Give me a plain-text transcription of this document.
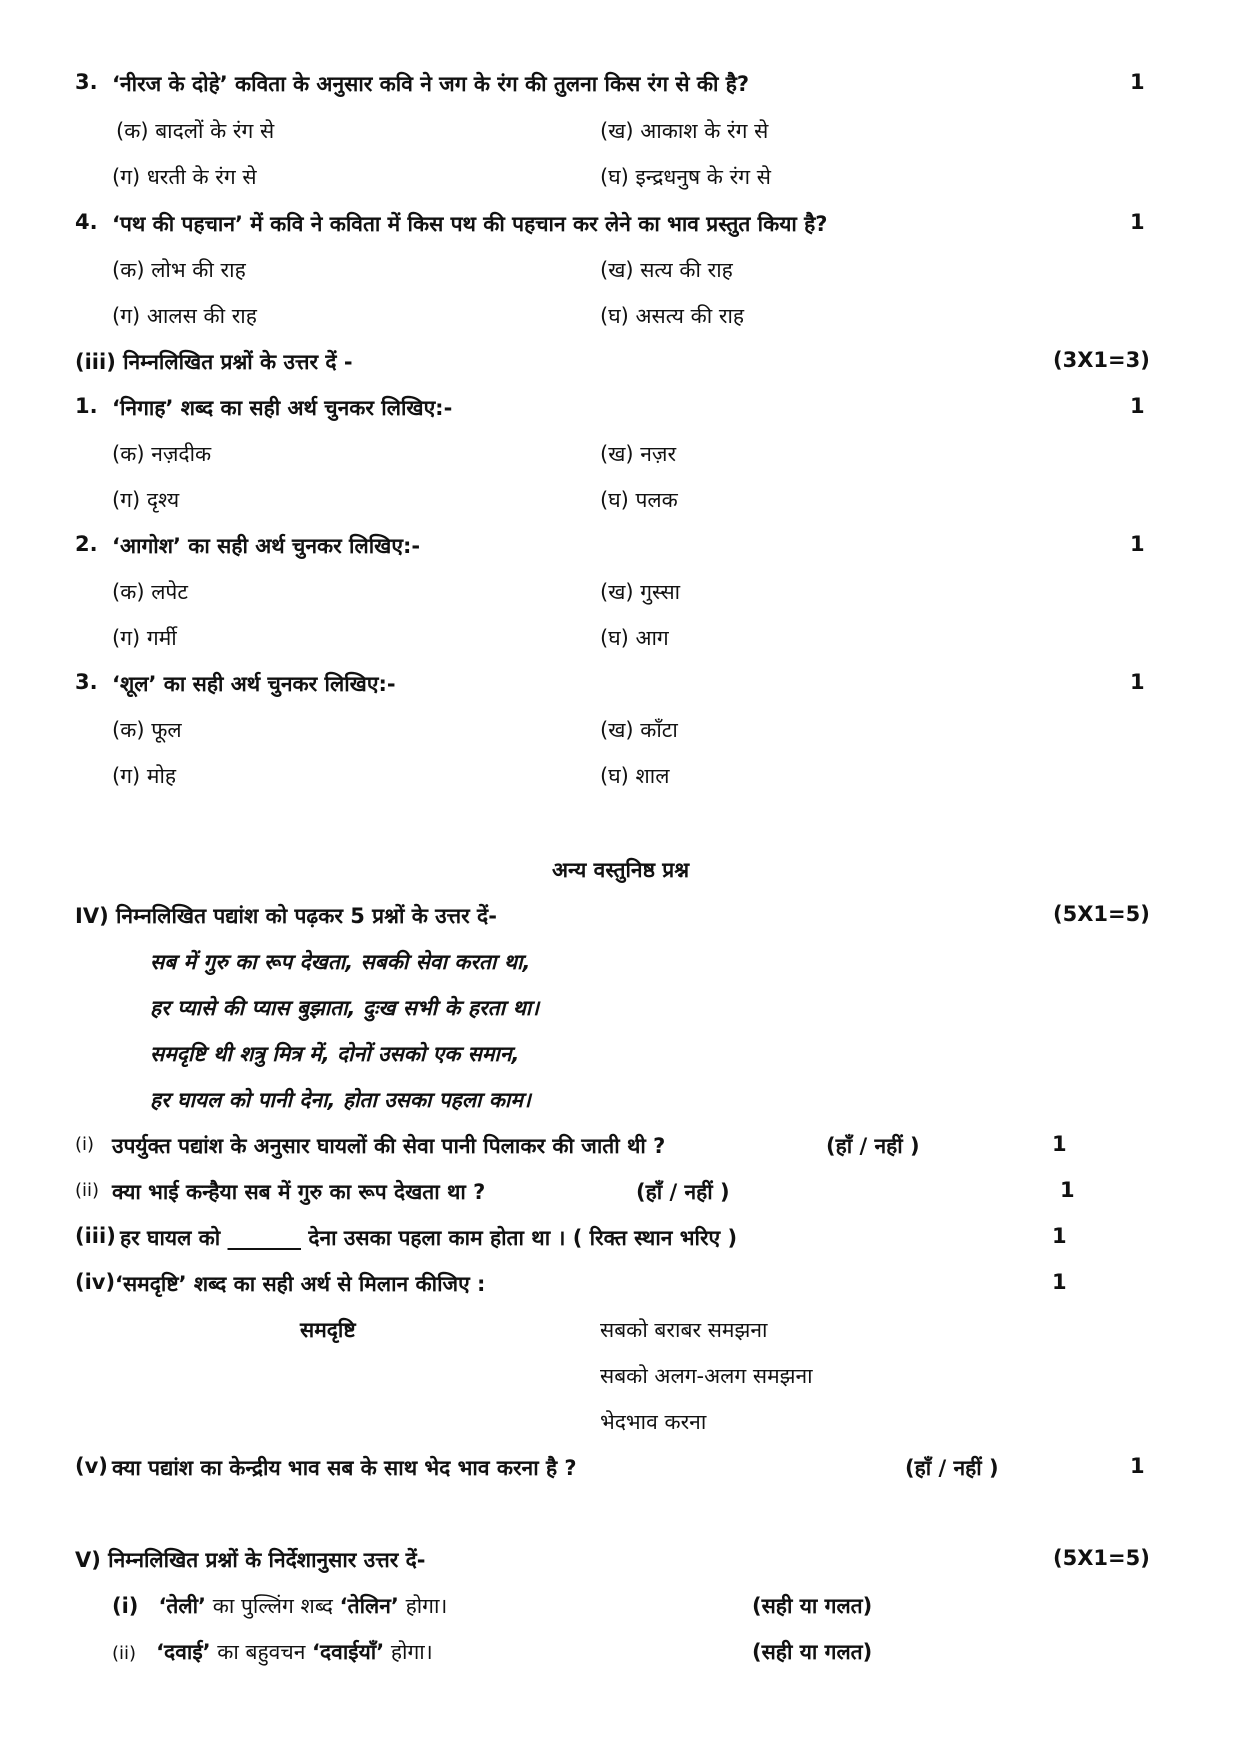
3. ‘नीरज के दोहे’ कविता के अनुसार कवि ने जग के रंग की तुलना किस रंग से की है?	1
(क) बादलों के रंग से	(ख) आकाश के रंग से
(ग) धरती के रंग से	(घ) इन्द्रधनुष के रंग से
4. ‘पथ की पहचान’ में कवि ने कविता में किस पथ की पहचान कर लेने का भाव प्रस्तुत किया है?	1
(क) लोभ की राह	(ख) सत्य की राह
(ग) आलस की राह	(घ) असत्य की राह
(iii) निम्नलिखित प्रश्नों के उत्तर दें -	(3X1=3)
1. ‘निगाह’ शब्द का सही अर्थ चुनकर लिखिए:-	1
(क) नज़दीक	(ख) नज़र
(ग) दृश्य	(घ) पलक
2. ‘आगोश’ का सही अर्थ चुनकर लिखिए:-	1
(क) लपेट	(ख) गुस्सा
(ग) गर्मी	(घ) आग
3. ‘शूल’ का सही अर्थ चुनकर लिखिए:-	1
(क) फूल	(ख) काँटा
(ग) मोह	(घ) शाल
अन्य वस्तुनिष्ठ प्रश्न
IV) निम्नलिखित पद्यांश को पढ़कर 5 प्रश्नों के उत्तर दें-	(5X1=5)
सब में गुरु का रूप देखता, सबकी सेवा करता था,
हर प्यासे की प्यास बुझाता, दुःख सभी के हरता था।
समदृष्टि थी शत्रु मित्र में, दोनों उसको एक समान,
हर घायल को पानी देना, होता उसका पहला काम।
(i) उपर्युक्त पद्यांश के अनुसार घायलों की सेवा पानी पिलाकर की जाती थी ?	(हाँ / नहीं )	1
(ii) क्या भाई कन्हैया सब में गुरु का रूप देखता था ?	(हाँ / नहीं )	1
(iii) हर घायल को _______ देना उसका पहला काम होता था । ( रिक्त स्थान भरिए )	1
(iv) ‘समदृष्टि’ शब्द का सही अर्थ से मिलान कीजिए :	1
समदृष्टि	सबको बराबर समझना
सबको अलग-अलग समझना
भेदभाव करना
(v) क्या पद्यांश का केन्द्रीय भाव सब के साथ भेद भाव करना है ?	(हाँ / नहीं )	1
V) निम्नलिखित प्रश्नों के निर्देशानुसार उत्तर दें-	(5X1=5)
(i) ‘तेली’ का पुल्लिंग शब्द ‘तेलिन’ होगा।	(सही या गलत)
(ii) ‘दवाई’ का बहुवचन ‘दवाईयाँ’ होगा।	(सही या गलत)
